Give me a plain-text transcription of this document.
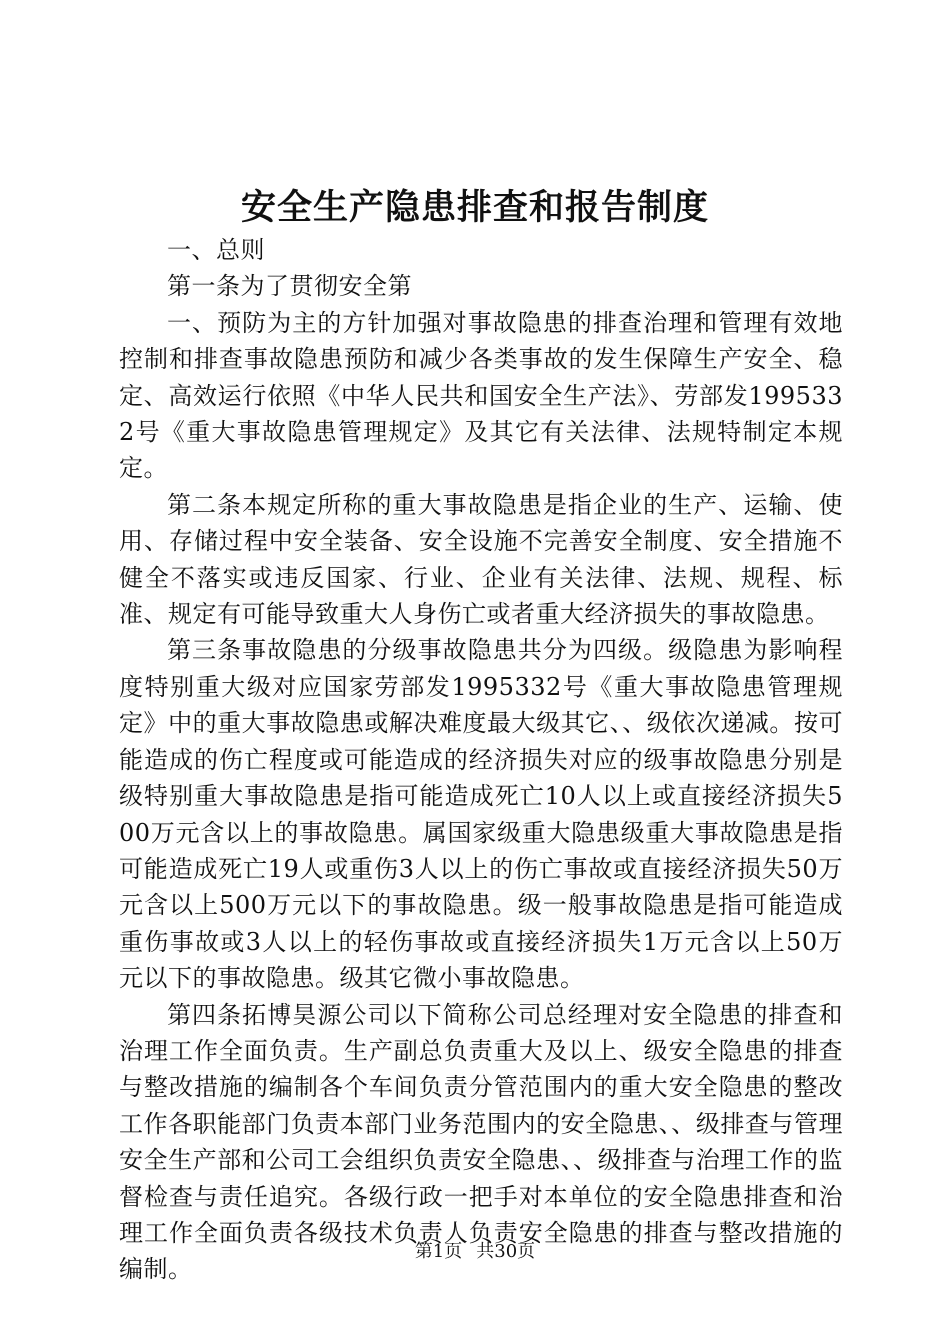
安全生产隐患排查和报告制度

一、总则

第一条为了贯彻安全第

一、预防为主的方针加强对事故隐患的排查治理和管理有效地控制和排查事故隐患预防和减少各类事故的发生保障生产安全、稳定、高效运行依照《中华人民共和国安全生产法》、劳部发1995332号《重大事故隐患管理规定》及其它有关法律、法规特制定本规定。

第二条本规定所称的重大事故隐患是指企业的生产、运输、使用、存储过程中安全装备、安全设施不完善安全制度、安全措施不健全不落实或违反国家、行业、企业有关法律、法规、规程、标准、规定有可能导致重大人身伤亡或者重大经济损失的事故隐患。

第三条事故隐患的分级事故隐患共分为四级。级隐患为影响程度特别重大级对应国家劳部发1995332号《重大事故隐患管理规定》中的重大事故隐患或解决难度最大级其它、、级依次递减。按可能造成的伤亡程度或可能造成的经济损失对应的级事故隐患分别是级特别重大事故隐患是指可能造成死亡10人以上或直接经济损失500万元含以上的事故隐患。属国家级重大隐患级重大事故隐患是指可能造成死亡19人或重伤3人以上的伤亡事故或直接经济损失50万元含以上500万元以下的事故隐患。级一般事故隐患是指可能造成重伤事故或3人以上的轻伤事故或直接经济损失1万元含以上50万元以下的事故隐患。级其它微小事故隐患。

第四条拓博昊源公司以下简称公司总经理对安全隐患的排查和治理工作全面负责。生产副总负责重大及以上、级安全隐患的排查与整改措施的编制各个车间负责分管范围内的重大安全隐患的整改工作各职能部门负责本部门业务范围内的安全隐患、、级排查与管理安全生产部和公司工会组织负责安全隐患、、级排查与治理工作的监督检查与责任追究。各级行政一把手对本单位的安全隐患排查和治理工作全面负责各级技术负责人负责安全隐患的排查与整改措施的编制。

第1页 共30页
